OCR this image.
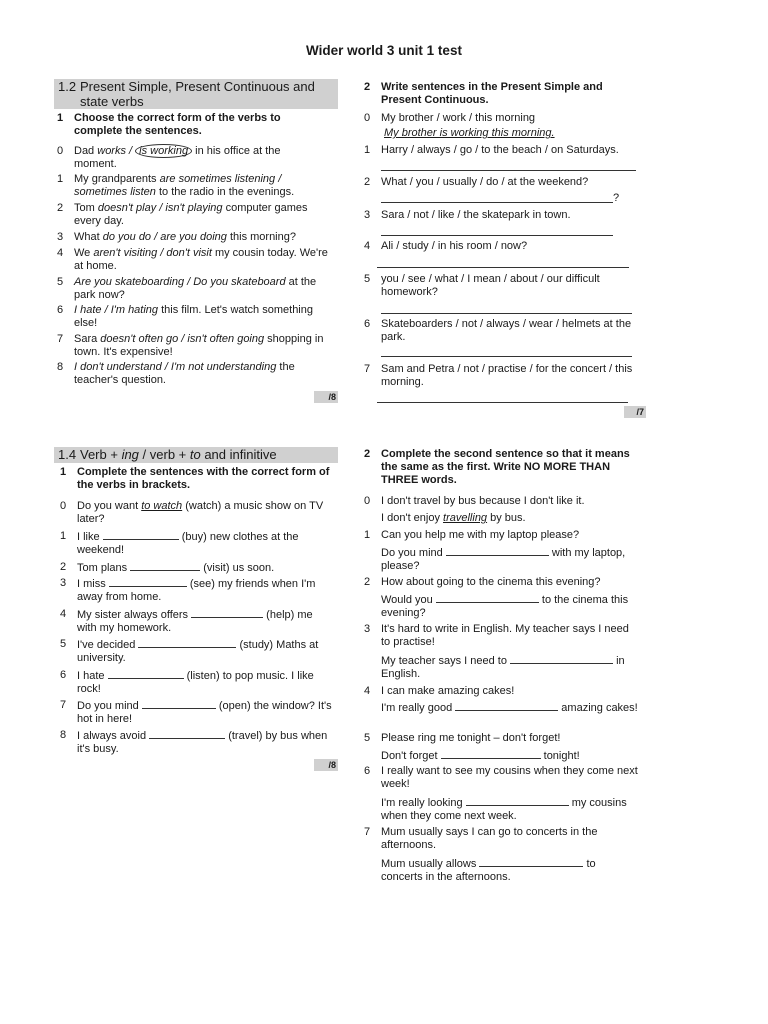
Wider world 3 unit 1 test
1.2 Present Simple, Present Continuous and
state verbs
1 Choose the correct form of the verbs to complete the sentences.
0 Dad works / is working in his office at the moment.
1 My grandparents are sometimes listening / sometimes listen to the radio in the evenings.
2 Tom doesn't play / isn't playing computer games every day.
3 What do you do / are you doing this morning?
4 We aren't visiting / don't visit my cousin today. We're at home.
5 Are you skateboarding / Do you skateboard at the park now?
6 I hate / I'm hating this film. Let's watch something else!
7 Sara doesn't often go / isn't often going shopping in town. It's expensive!
8 I don't understand / I'm not understanding the teacher's question.
/8
2 Write sentences in the Present Simple and Present Continuous.
0 My brother / work / this morning
My brother is working this morning.
1 Harry / always / go / to the beach / on Saturdays.
2 What / you / usually / do / at the weekend?
?
3 Sara / not / like / the skatepark in town.
4 Ali / study / in his room / now?
5 you / see / what / I mean / about / our difficult homework?
6 Skateboarders / not / always / wear / helmets at the park.
7 Sam and Petra / not / practise / for the concert / this morning.
/7
1.4 Verb + ing / verb + to and infinitive
1 Complete the sentences with the correct form of the verbs in brackets.
0 Do you want to watch (watch) a music show on TV later?
1 I like	(buy) new clothes at the weekend!
2 Tom plans	(visit) us soon.
3 I miss	(see) my friends when I'm away from home.
4 My sister always offers	(help) me with my homework.
5 I've decided	(study) Maths at university.
6 I hate	(listen) to pop music. I like rock!
7 Do you mind	(open) the window? It's hot in here!
8 I always avoid	(travel) by bus when it's busy.
/8
2 Complete the second sentence so that it means the same as the first. Write NO MORE THAN THREE words.
0 I don't travel by bus because I don't like it.
I don't enjoy travelling by bus.
1 Can you help me with my laptop please?
Do you mind	with my laptop, please?
2 How about going to the cinema this evening?
Would you	to the cinema this evening?
3 It's hard to write in English. My teacher says I need to practise!
My teacher says I need to	in English.
4 I can make amazing cakes!
I'm really good	amazing cakes!
5 Please ring me tonight – don't forget!
Don't forget	tonight!
6 I really want to see my cousins when they come next week!
I'm really looking	my cousins when they come next week.
7 Mum usually says I can go to concerts in the afternoons.
Mum usually allows	to concerts in the afternoons.
